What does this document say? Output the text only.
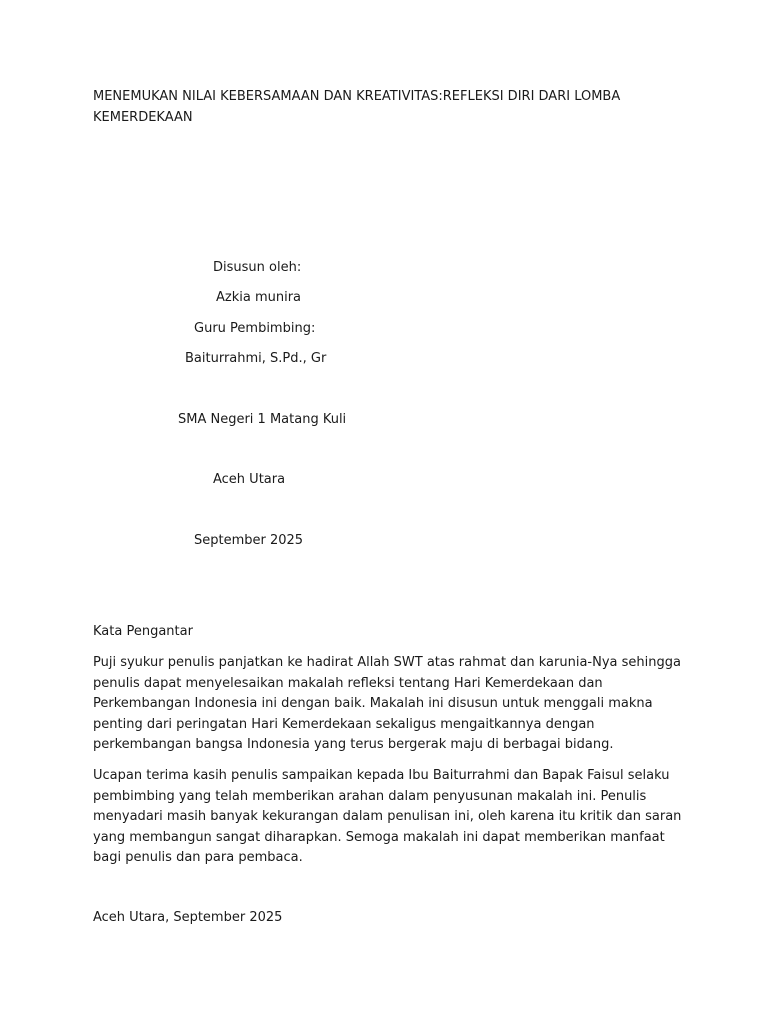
MENEMUKAN NILAI KEBERSAMAAN DAN KREATIVITAS:REFLEKSI DIRI DARI LOMBA KEMERDEKAAN
Disusun oleh:
Azkia munira
Guru Pembimbing:
Baiturrahmi, S.Pd., Gr
SMA Negeri 1 Matang Kuli
Aceh Utara
September 2025
Kata Pengantar
Puji syukur penulis panjatkan ke hadirat Allah SWT atas rahmat dan karunia-Nya sehingga penulis dapat menyelesaikan makalah refleksi tentang Hari Kemerdekaan dan Perkembangan Indonesia ini dengan baik. Makalah ini disusun untuk menggali makna penting dari peringatan Hari Kemerdekaan sekaligus mengaitkannya dengan perkembangan bangsa Indonesia yang terus bergerak maju di berbagai bidang.
Ucapan terima kasih penulis sampaikan kepada Ibu Baiturrahmi dan Bapak Faisul selaku pembimbing yang telah memberikan arahan dalam penyusunan makalah ini. Penulis menyadari masih banyak kekurangan dalam penulisan ini, oleh karena itu kritik dan saran yang membangun sangat diharapkan. Semoga makalah ini dapat memberikan manfaat bagi penulis dan para pembaca.
Aceh Utara, September 2025
